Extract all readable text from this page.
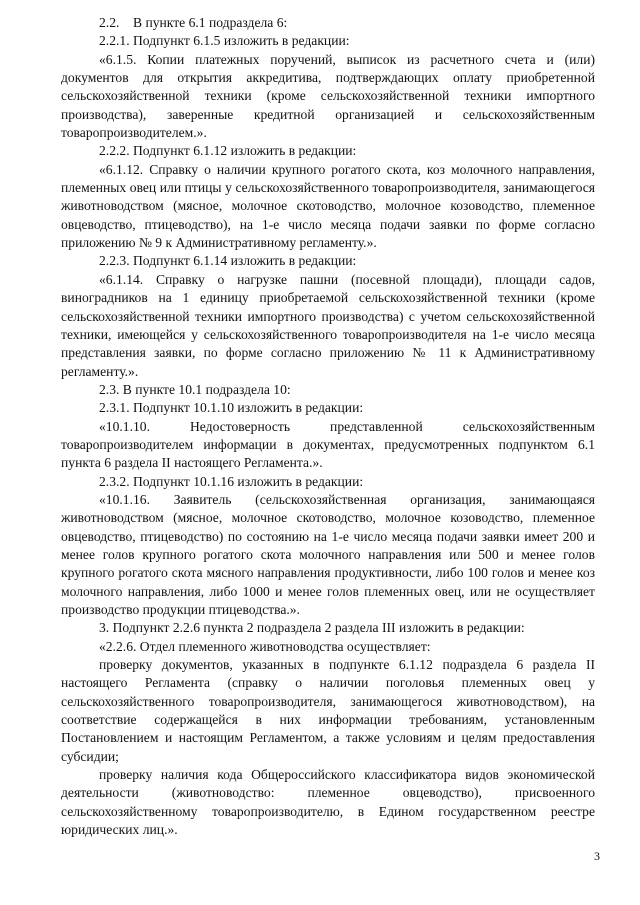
2.2.    В пункте 6.1 подраздела 6:

2.2.1. Подпункт 6.1.5 изложить в редакции:

«6.1.5. Копии платежных поручений, выписок из расчетного счета и (или) документов для открытия аккредитива, подтверждающих оплату приобретенной сельскохозяйственной техники (кроме сельскохозяйственной техники импортного производства), заверенные кредитной организацией и сельскохозяйственным товаропроизводителем.».

2.2.2. Подпункт 6.1.12 изложить в редакции:

«6.1.12. Справку о наличии крупного рогатого скота, коз молочного направления, племенных овец или птицы у сельскохозяйственного товаропроизводителя, занимающегося животноводством (мясное, молочное скотоводство, молочное козоводство, племенное овцеводство, птицеводство), на 1-е число месяца подачи заявки по форме согласно приложению № 9 к Административному регламенту.».

2.2.3. Подпункт 6.1.14 изложить в редакции:

«6.1.14. Справку о нагрузке пашни (посевной площади), площади садов, виноградников на 1 единицу приобретаемой сельскохозяйственной техники (кроме сельскохозяйственной техники импортного производства) с учетом сельскохозяйственной техники, имеющейся у сельскохозяйственного товаропроизводителя на 1-е число месяца представления заявки, по форме согласно приложению № 11 к Административному регламенту.».

2.3. В пункте 10.1 подраздела 10:

2.3.1. Подпункт 10.1.10 изложить в редакции:

«10.1.10. Недостоверность представленной сельскохозяйственным товаропроизводителем информации в документах, предусмотренных подпунктом 6.1 пункта 6 раздела II настоящего Регламента.».

2.3.2. Подпункт 10.1.16 изложить в редакции:

«10.1.16. Заявитель (сельскохозяйственная организация, занимающаяся животноводством (мясное, молочное скотоводство, молочное козоводство, племенное овцеводство, птицеводство) по состоянию на 1-е число месяца подачи заявки имеет 200 и менее голов крупного рогатого скота молочного направления или 500 и менее голов крупного рогатого скота мясного направления продуктивности, либо 100 голов и менее коз молочного направления, либо 1000 и менее голов племенных овец, или не осуществляет производство продукции птицеводства.».

3. Подпункт 2.2.6 пункта 2 подраздела 2 раздела III изложить в редакции:

«2.2.6. Отдел племенного животноводства осуществляет:

проверку документов, указанных в подпункте 6.1.12 подраздела 6 раздела II настоящего Регламента (справку о наличии поголовья племенных овец у сельскохозяйственного товаропроизводителя, занимающегося животноводством), на соответствие содержащейся в них информации требованиям, установленным Постановлением и настоящим Регламентом, а также условиям и целям предоставления субсидии;

проверку наличия кода Общероссийского классификатора видов экономической деятельности (животноводство: племенное овцеводство), присвоенного сельскохозяйственному товаропроизводителю, в Едином государственном реестре юридических лиц.».

3
